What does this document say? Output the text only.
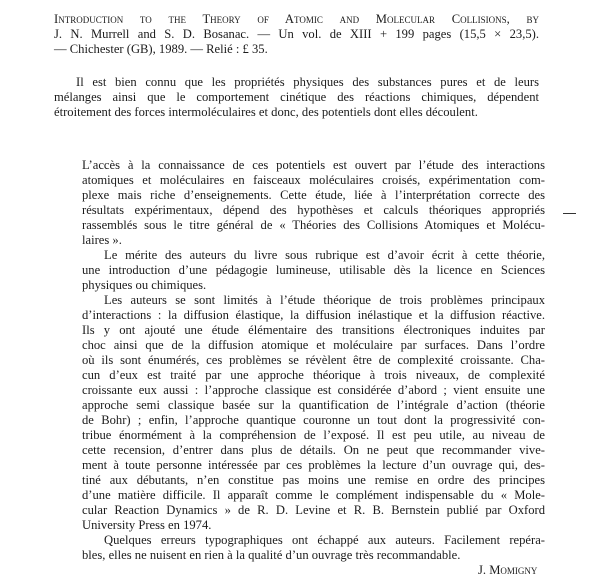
Introduction to the Theory of Atomic and Molecular Collisions, by
J. N. Murrell and S. D. Bosanac. — Un vol. de XIII + 199 pages (15,5 × 23,5).
— Chichester (GB), 1989. — Relié : £ 35.
Il est bien connu que les propriétés physiques des substances pures et de leurs
mélanges ainsi que le comportement cinétique des réactions chimiques, dépendent
étroitement des forces intermoléculaires et donc, des potentiels dont elles découlent.
L’accès à la connaissance de ces potentiels est ouvert par l’étude des interactions
atomiques et moléculaires en faisceaux moléculaires croisés, expérimentation com-
plexe mais riche d’enseignements. Cette étude, liée à l’interprétation correcte des
résultats expérimentaux, dépend des hypothèses et calculs théoriques appropriés
rassemblés sous le titre général de « Théories des Collisions Atomiques et Molécu-
laires ».
Le mérite des auteurs du livre sous rubrique est d’avoir écrit à cette théorie,
une introduction d’une pédagogie lumineuse, utilisable dès la licence en Sciences
physiques ou chimiques.
Les auteurs se sont limités à l’étude théorique de trois problèmes principaux
d’interactions : la diffusion élastique, la diffusion inélastique et la diffusion réactive.
Ils y ont ajouté une étude élémentaire des transitions électroniques induites par
choc ainsi que de la diffusion atomique et moléculaire par surfaces. Dans l’ordre
où ils sont énumérés, ces problèmes se révèlent être de complexité croissante. Cha-
cun d’eux est traité par une approche théorique à trois niveaux, de complexité
croissante eux aussi : l’approche classique est considérée d’abord ; vient ensuite une
approche semi classique basée sur la quantification de l’intégrale d’action (théorie
de Bohr) ; enfin, l’approche quantique couronne un tout dont la progressivité con-
tribue énormément à la compréhension de l’exposé. Il est peu utile, au niveau de
cette recension, d’entrer dans plus de détails. On ne peut que recommander vive-
ment à toute personne intéressée par ces problèmes la lecture d’un ouvrage qui, des-
tiné aux débutants, n’en constitue pas moins une remise en ordre des principes
d’une matière difficile. Il apparaît comme le complément indispensable du « Mole-
cular Reaction Dynamics » de R. D. Levine et R. B. Bernstein publié par Oxford
University Press en 1974.
Quelques erreurs typographiques ont échappé aux auteurs. Facilement repéra-
bles, elles ne nuisent en rien à la qualité d’un ouvrage très recommandable.
J. Momigny
